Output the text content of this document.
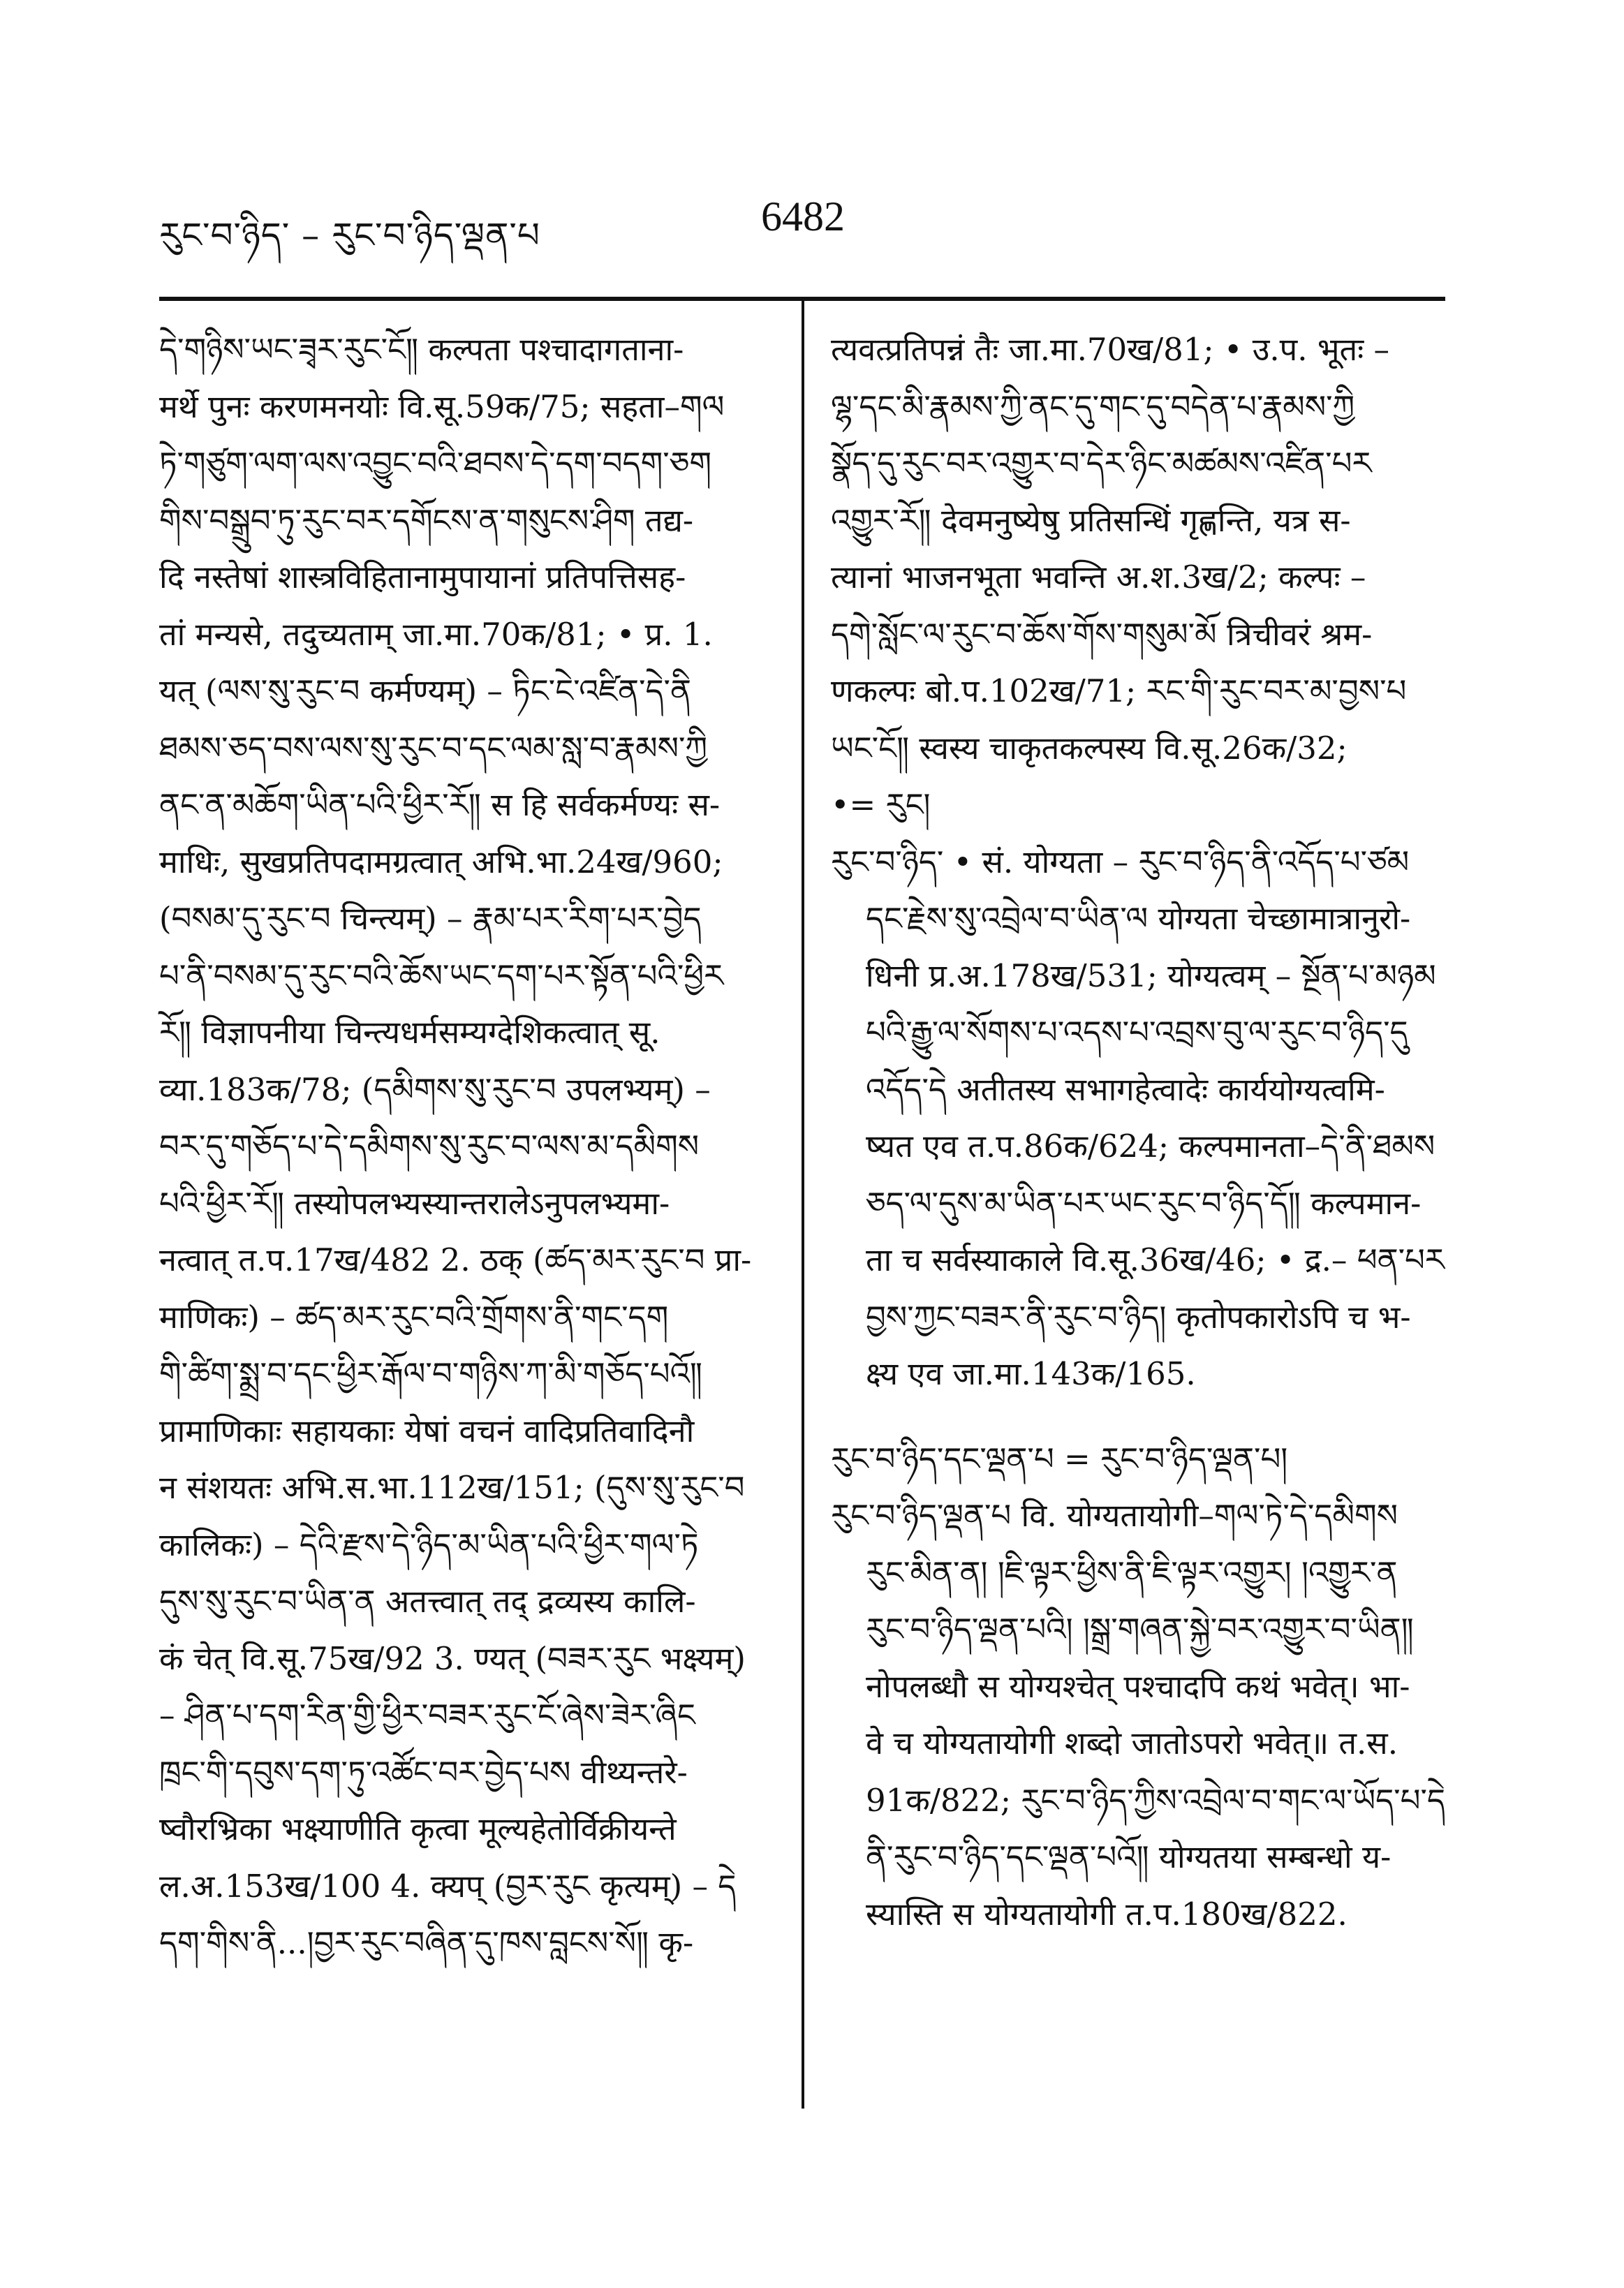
རུང་བ་ཉིད་ – རུང་བ་ཉིད་ལྡན་པ	6482

དེ་གཉིས་ཡང་ཟྭར་རུང་ངོ༎ कल्पता पश्चादागताना-

मर्थे पुनः करणमनयोः वि.सू.59क/75; सहता–གལ

ཏེ་གཙུག་ལག་ལས་འབྱུང་བའི་ཐབས་དེ་དག་བདག་ཅག

གིས་བསྒྲུབ་ཏུ་རུང་བར་དགོངས་ན་གསུངས་ཤིག तद्य-

दि नस्तेषां शास्त्रविहितानामुपायानां प्रतिपत्तिसह-

तां मन्यसे, तदुच्यताम् जा.मा.70क/81; • प्र. 1.

यत् (ལས་སུ་རུང་བ कर्मण्यम्) – ཏིང་ངེ་འཛིན་དེ་ནི

ཐམས་ཅད་བས་ལས་སུ་རུང་བ་དང་ལམ་སླ་བ་རྣམས་ཀྱི

ནང་ན་མཆོག་ཡིན་པའི་ཕྱིར་རོ༎ स हि सर्वकर्मण्यः स-

माधिः, सुखप्रतिपदामग्रत्वात् अभि.भा.24ख/960;

(བསམ་དུ་རུང་བ चिन्त्यम्) – རྣམ་པར་རིག་པར་བྱེད

པ་ནི་བསམ་དུ་རུང་བའི་ཆོས་ཡང་དག་པར་སྟོན་པའི་ཕྱིར

རོ༎ विज्ञापनीया चिन्त्यधर्मसम्यग्देशिकत्वात् सू.

व्या.183क/78; (དམིགས་སུ་རུང་བ उपलभ्यम्) –

བར་དུ་གཅོད་པ་དེ་དམིགས་སུ་རུང་བ་ལས་མ་དམིགས

པའི་ཕྱིར་རོ༎ तस्योपलभ्यस्यान्तरालेऽनुपलभ्यमा-

नत्वात् त.प.17ख/482 2. ठक् (ཚད་མར་རུང་བ प्रा-

माणिकः) – ཚད་མར་རུང་བའི་གྲོགས་ནི་གང་དག

གི་ཚིག་སྨྲ་བ་དང་ཕྱིར་རྒོལ་བ་གཉིས་ཀ་མི་གཅོད་པའོ༎

प्रामाणिकाः सहायकाः येषां वचनं वादिप्रतिवादिनौ

न संशयतः अभि.स.भा.112ख/151; (དུས་སུ་རུང་བ

कालिकः) – དེའི་རྫས་དེ་ཉིད་མ་ཡིན་པའི་ཕྱིར་གལ་ཏེ

དུས་སུ་རུང་བ་ཡིན་ན अतत्त्वात् तद् द्रव्यस्य कालि-

कं चेत् वि.सू.75ख/92 3. ण्यत् (བཟར་རུང भक्ष्यम्)

– ཤིན་པ་དག་རིན་གྱི་ཕྱིར་བཟར་རུང་ངོ་ཞེས་ཟེར་ཞིང

ཁྲང་གི་དབུས་དག་ཏུ་འཚོང་བར་བྱེད་པས वीथ्यन्तरे-

ष्वौरभ्रिका भक्ष्याणीति कृत्वा मूल्यहेतोर्विक्रीयन्ते

ल.अ.153ख/100 4. क्यप् (བྱར་རུང कृत्यम्) – དེ

དག་གིས་ནི...།བྱར་རུང་བཞིན་དུ་ཁས་བླངས་སོ༎ कृ-

त्यवत्प्रतिपन्नं तैः जा.मा.70ख/81; • उ.प. भूतः –

ལྷ་དང་མི་རྣམས་ཀྱི་ནང་དུ་གང་དུ་བདེན་པ་རྣམས་ཀྱི

སྣོད་དུ་རུང་བར་འགྱུར་བ་དེར་ཉིང་མཚམས་འཛིན་པར

འགྱུར་རོ༎ देवमनुष्येषु प्रतिसन्धिं गृह्णन्ति, यत्र स-

त्यानां भाजनभूता भवन्ति अ.श.3ख/2; कल्पः –

དགེ་སློང་ལ་རུང་བ་ཆོས་གོས་གསུམ་མོ त्रिचीवरं श्रम-

णकल्पः बो.प.102ख/71; རང་གི་རུང་བར་མ་བྱས་པ

ཡང་ངོ༎ स्वस्य चाकृतकल्पस्य वि.सू.26क/32;

•= རུང།

རུང་བ་ཉིད་ • सं. योग्यता – རུང་བ་ཉིད་ནི་འདོད་པ་ཙམ

དང་རྗེས་སུ་འབྲེལ་བ་ཡིན་ལ योग्यता चेच्छामात्रानुरो-

धिनी प्र.अ.178ख/531; योग्यत्वम् – སྔོན་པ་མཉམ

པའི་རྒྱུ་ལ་སོགས་པ་འདས་པ་འབྲས་བུ་ལ་རུང་བ་ཉིད་དུ

འདོད་དེ अतीतस्य सभागहेत्वादेः कार्ययोग्यत्वमि-

ष्यत एव त.प.86क/624; कल्पमानता–དེ་ནི་ཐམས

ཅད་ལ་དུས་མ་ཡིན་པར་ཡང་རུང་བ་ཉིད་དོ༎ कल्पमान-

ता च सर्वस्याकाले वि.सू.36ख/46; • द्र.– ཕན་པར

བྱས་ཀྱང་བཟར་ནི་རུང་བ་ཉིད། कृतोपकारोऽपि च भ-

क्ष्य एव जा.मा.143क/165.

རུང་བ་ཉིད་དང་ལྡན་པ = རུང་བ་ཉིད་ལྡན་པ།

རུང་བ་ཉིད་ལྡན་པ वि. योग्यतायोगी–གལ་ཏེ་དེ་དམིགས

རུང་མིན་ན། །ཇི་ལྟར་ཕྱིས་ནི་ཇི་ལྟར་འགྱུར། །འགྱུར་ན

རུང་བ་ཉིད་ལྡན་པའི། །སྒྲ་གཞན་སྐྱེ་བར་འགྱུར་བ་ཡིན༎

नोपलब्धौ स योग्यश्चेत् पश्चादपि कथं भवेत्। भा-

वे च योग्यतायोगी शब्दो जातोऽपरो भवेत्॥ त.स.

91क/822; རུང་བ་ཉིད་ཀྱིས་འབྲེལ་བ་གང་ལ་ཡོད་པ་དེ

ནི་རུང་བ་ཉིད་དང་ལྡན་པའོ༎ योग्यतया सम्बन्धो य-

स्यास्ति स योग्यतायोगी त.प.180ख/822.
